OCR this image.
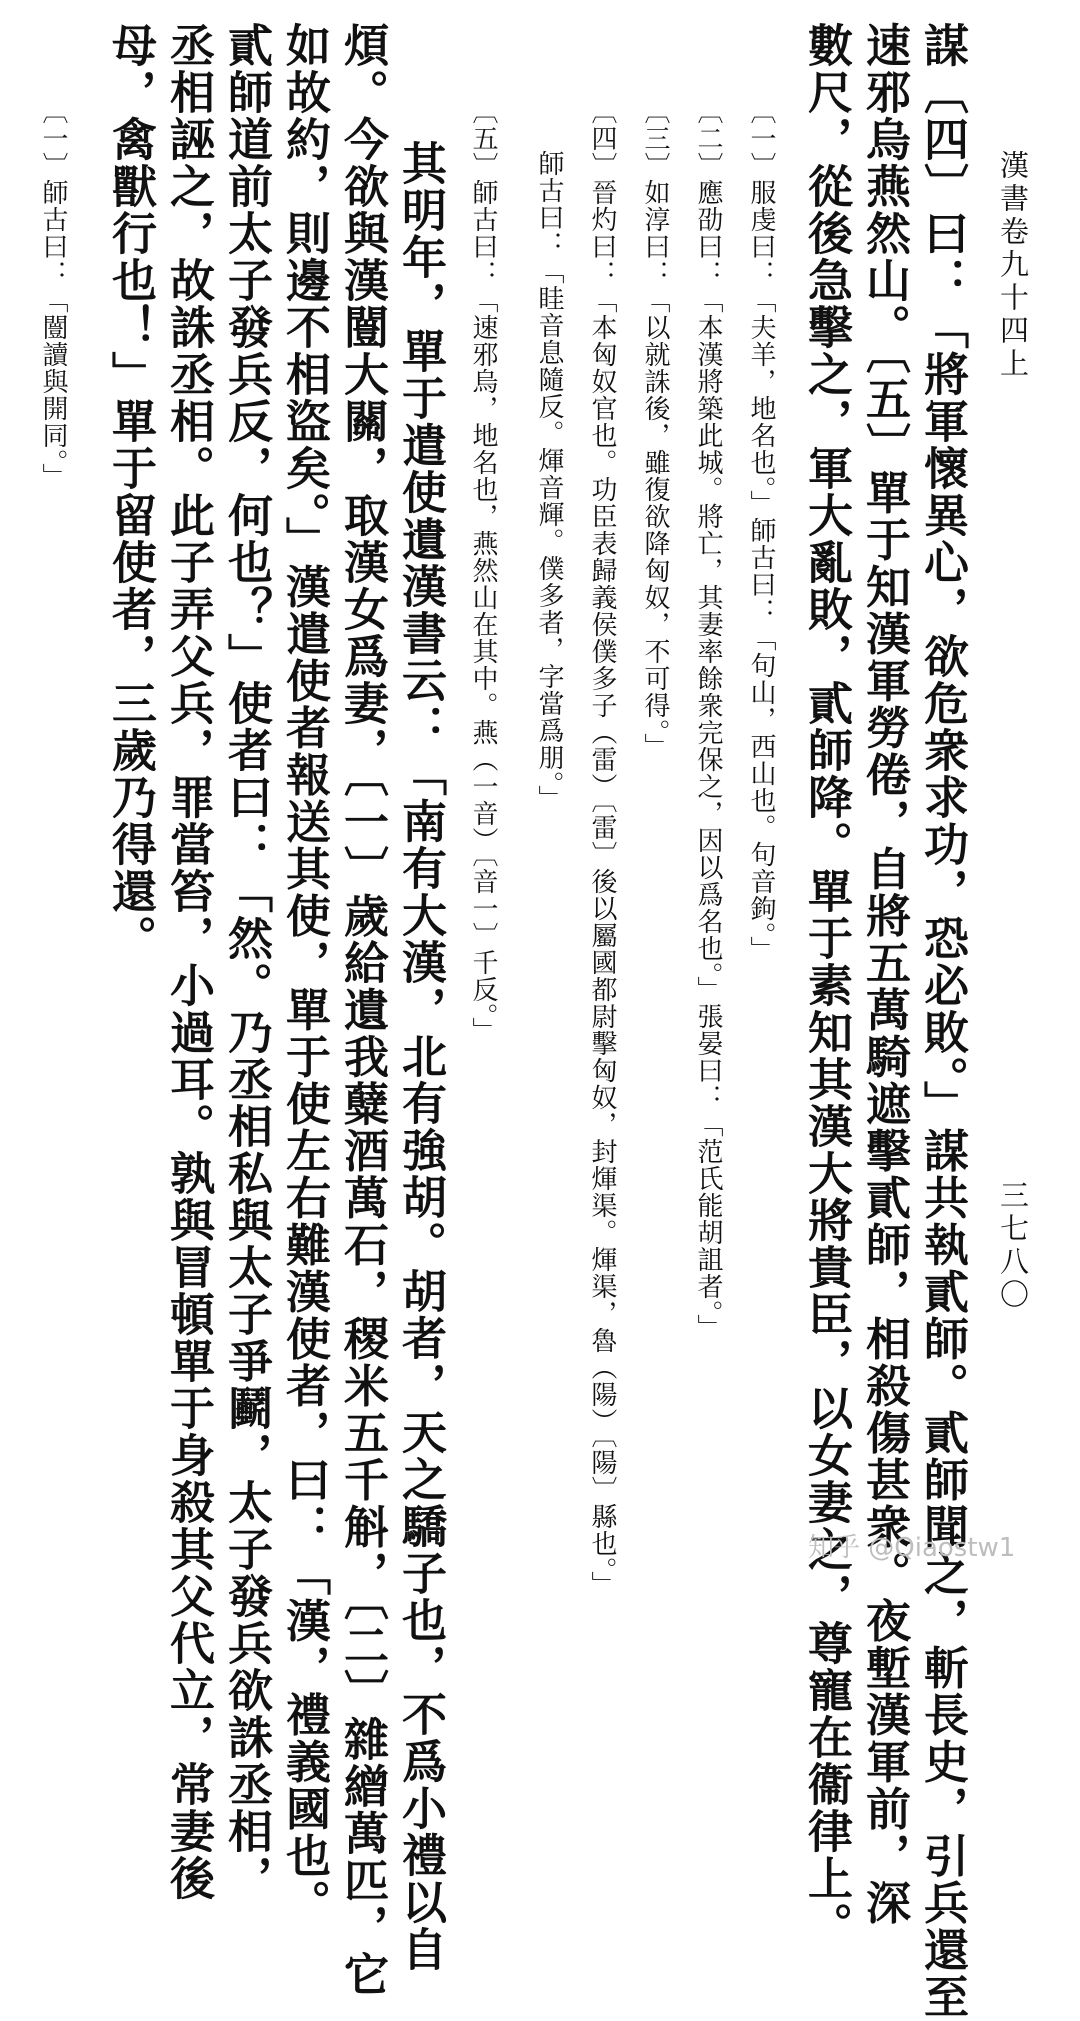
漢書卷九十四上
三七八〇
謀〔四〕曰：「將軍懷異心，欲危衆求功，恐必敗。」謀共執貳師。貳師聞之，斬長史，引兵還至
速邪烏燕然山。〔五〕單于知漢軍勞倦，自將五萬騎遮擊貳師，相殺傷甚衆。夜塹漢軍前，深
數尺，從後急擊之，軍大亂敗，貳師降。單于素知其漢大將貴臣，以女妻之，尊寵在衞律上。
〔一〕服虔曰：「夫羊，地名也。」師古曰：「句山，西山也。句音鉤。」
〔二〕應劭曰：「本漢將築此城。將亡，其妻率餘衆完保之，因以爲名也。」張晏曰：「范氏能胡詛者。」
〔三〕如淳曰：「以就誅後，雖復欲降匈奴，不可得。」
〔四〕晉灼曰：「本匈奴官也。功臣表歸義侯僕多子（雷）〔雷〕後以屬國都尉擊匈奴，封煇渠。煇渠，魯（陽）〔陽〕縣也。」
師古曰：「眭音息隨反。煇音輝。僕多者，字當爲朋。」
〔五〕師古曰：「速邪烏，地名也，燕然山在其中。燕（一音）〔音一〕千反。」
其明年，單于遣使遺漢書云：「南有大漢，北有強胡。胡者，天之驕子也，不爲小禮以自
煩。今欲與漢闓大關，取漢女爲妻，〔一〕歲給遺我糵酒萬石，稷米五千斛，〔二〕雜繒萬匹，它
如故約，則邊不相盜矣。」漢遣使者報送其使，單于使左右難漢使者，曰：「漢，禮義國也。
貳師道前太子發兵反，何也？」使者曰：「然。乃丞相私與太子爭鬬，太子發兵欲誅丞相，
丞相誣之，故誅丞相。此子弄父兵，罪當笞，小過耳。孰與冒頓單于身殺其父代立，常妻後
母，禽獸行也！」單于留使者，三歲乃得還。
〔一〕師古曰：「闓讀與開同。」
知乎 @Qiaostw1
